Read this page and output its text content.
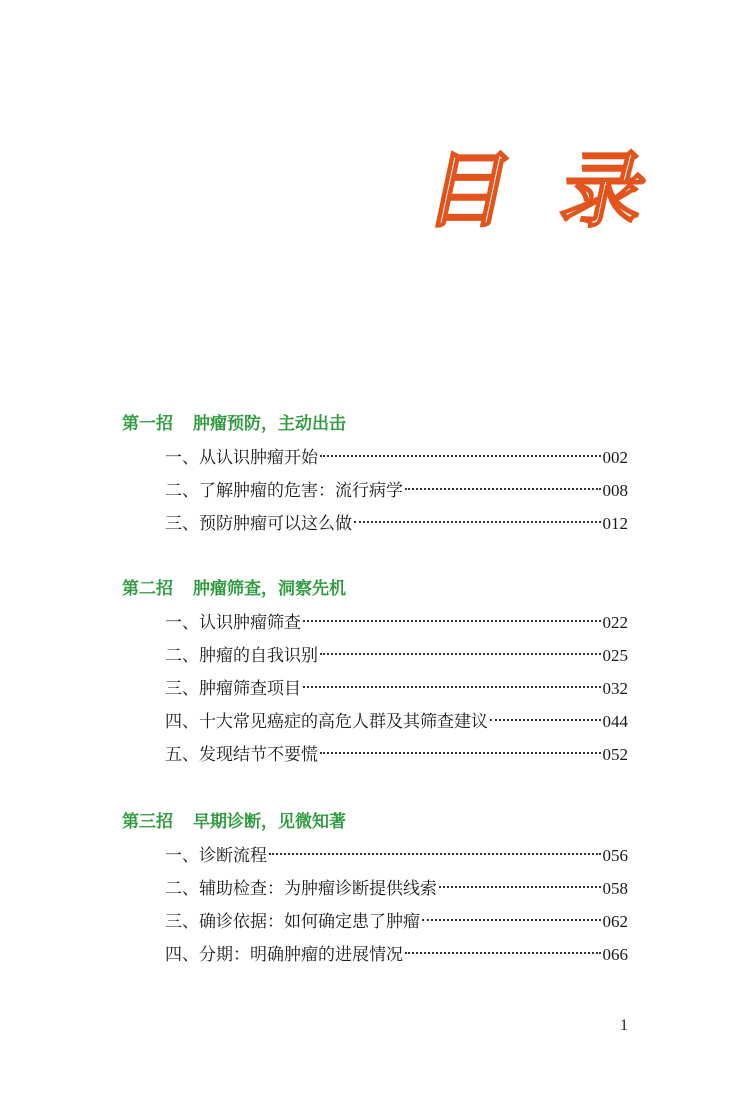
目 录
第一招 肿瘤预防，主动出击
一、从认识肿瘤开始	002
二、了解肿瘤的危害：流行病学	008
三、预防肿瘤可以这么做	012
第二招 肿瘤筛查，洞察先机
一、认识肿瘤筛查	022
二、肿瘤的自我识别	025
三、肿瘤筛查项目	032
四、十大常见癌症的高危人群及其筛查建议	044
五、发现结节不要慌	052
第三招 早期诊断，见微知著
一、诊断流程	056
二、辅助检查：为肿瘤诊断提供线索	058
三、确诊依据：如何确定患了肿瘤	062
四、分期：明确肿瘤的进展情况	066
1
